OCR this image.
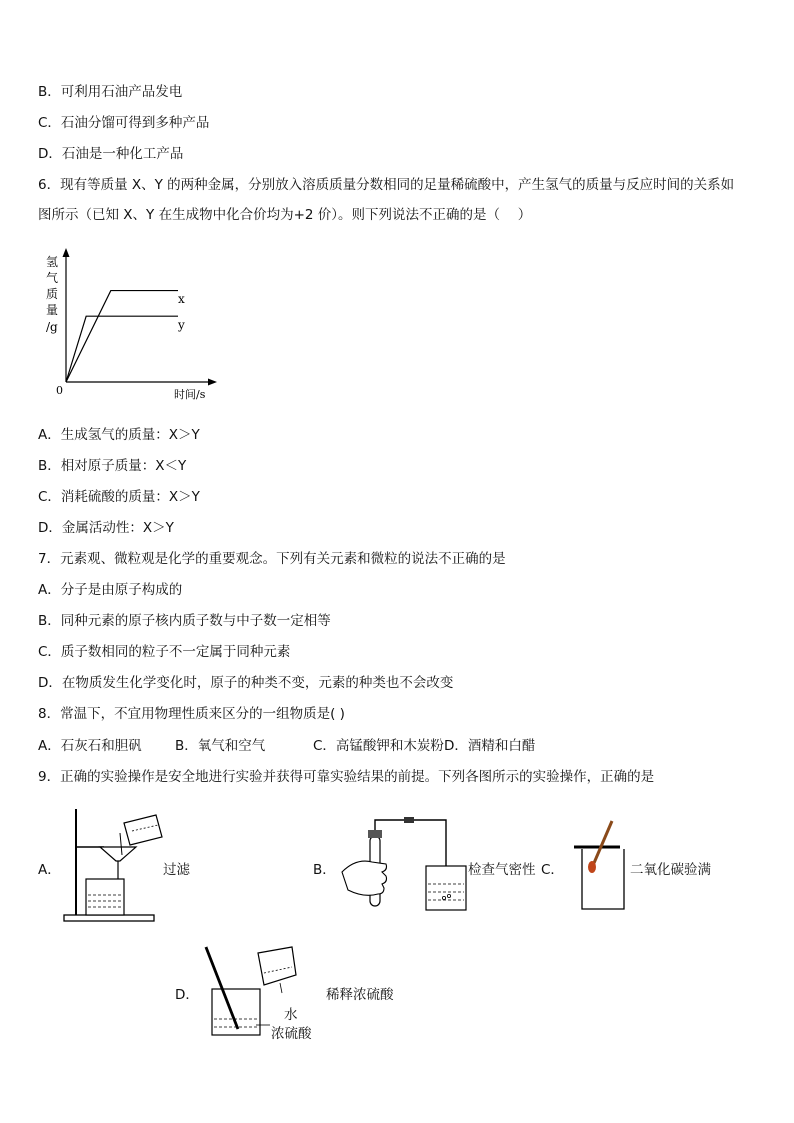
B．可利用石油产品发电
C．石油分馏可得到多种产品
D．石油是一种化工产品
6．现有等质量 X、Y 的两种金属，分别放入溶质质量分数相同的足量稀硫酸中，产生氢气的质量与反应时间的关系如
图所示（已知 X、Y 在生成物中化合价均为+2 价）。则下列说法不正确的是（　 ）
氢
气
质
量
/g
0	时间/s
x
y
A．生成氢气的质量：X＞Y
B．相对原子质量：X＜Y
C．消耗硫酸的质量：X＞Y
D．金属活动性：X＞Y
7．元素观、微粒观是化学的重要观念。下列有关元素和微粒的说法不正确的是
A．分子是由原子构成的
B．同种元素的原子核内质子数与中子数一定相等
C．质子数相同的粒子不一定属于同种元素
D．在物质发生化学变化时，原子的种类不变，元素的种类也不会改变
8．常温下，不宜用物理性质来区分的一组物质是( )
A．石灰石和胆矾 B．氧气和空气	C．高锰酸钾和木炭粉D．酒精和白醋
9．正确的实验操作是安全地进行实验并获得可靠实验结果的前提。下列各图所示的实验操作，正确的是
A．	过滤	B．	检查气密性 C．	二氧化碳验满
D．
水
浓硫酸
稀释浓硫酸
